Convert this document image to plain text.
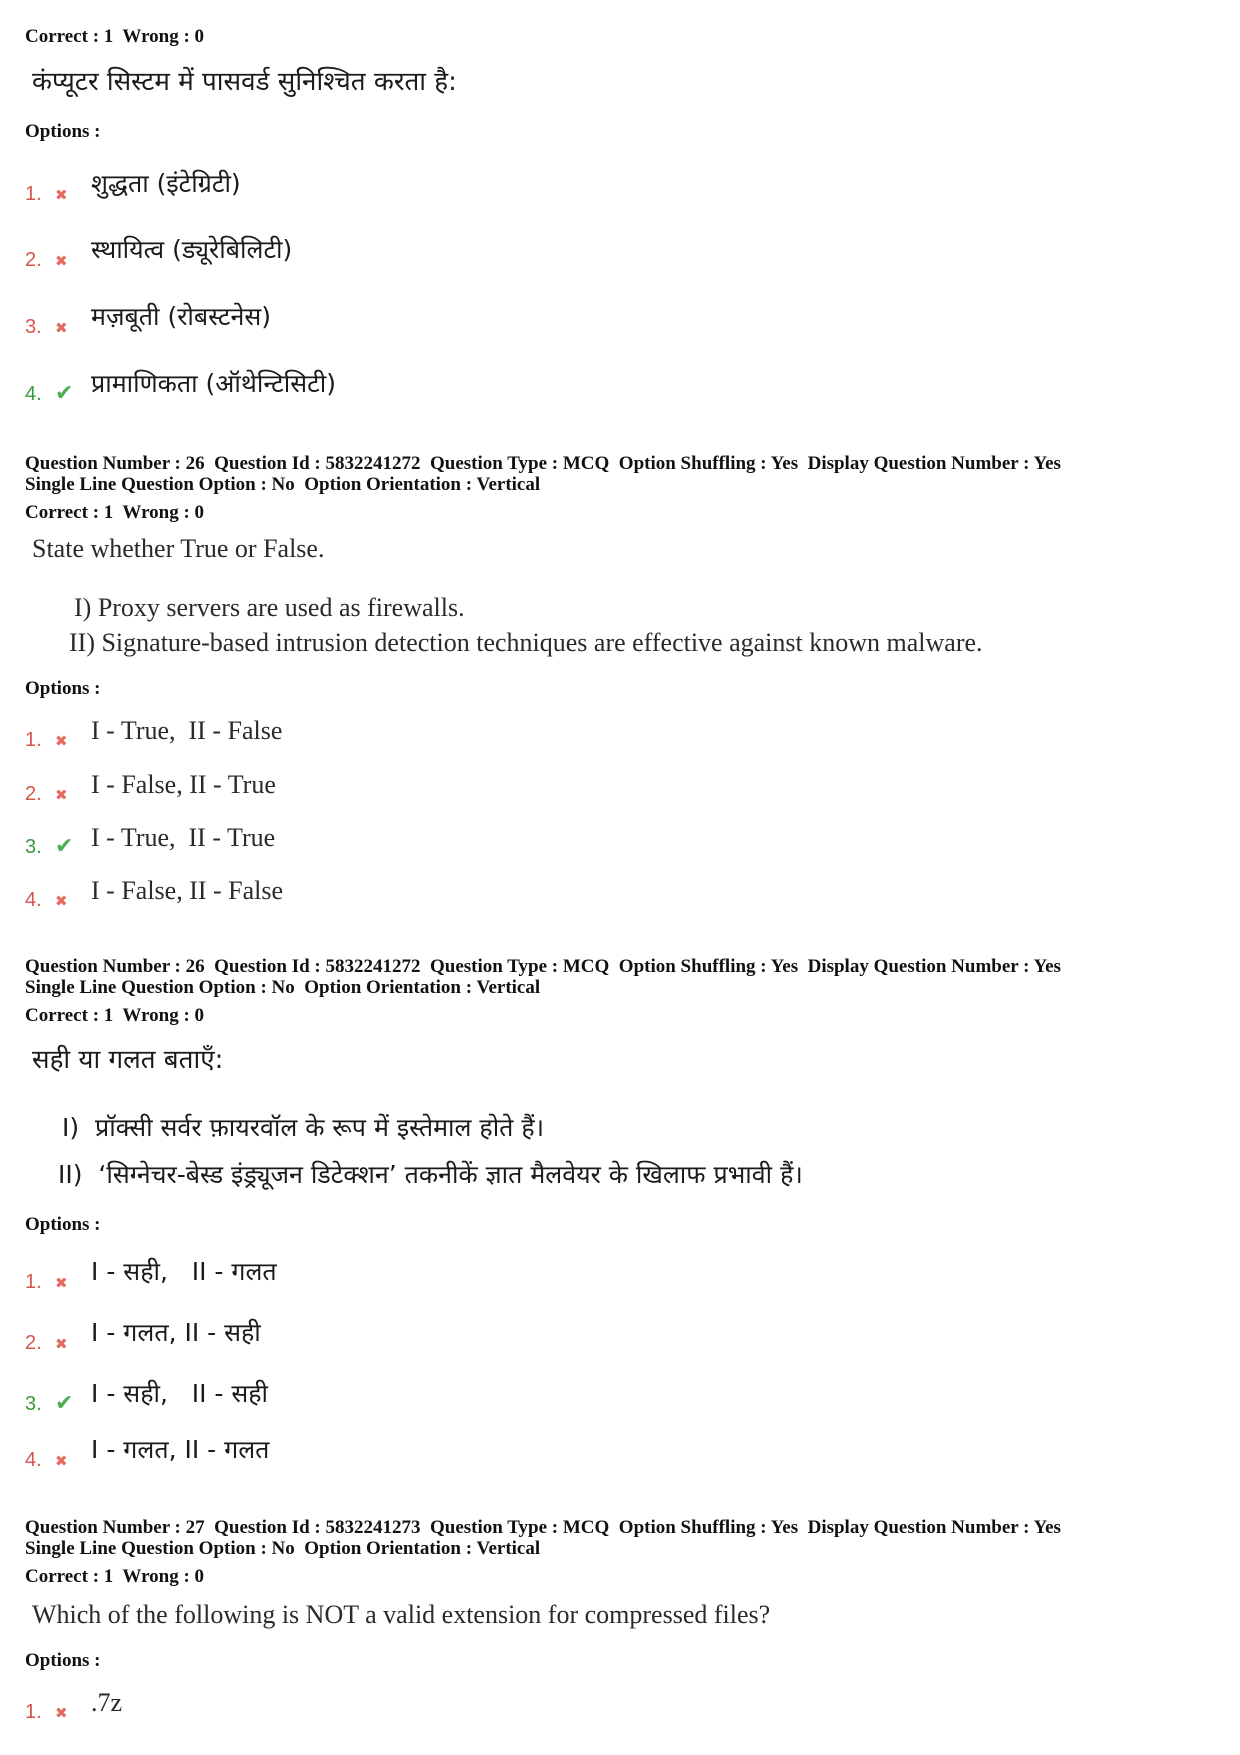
Correct : 1  Wrong : 0
कंप्यूटर सिस्टम में पासवर्ड सुनिश्चित करता है:
Options :
1. ✖ शुद्धता (इंटेग्रिटी)
2. ✖ स्थायित्व (ड्यूरेबिलिटी)
3. ✖ मज़बूती (रोबस्टनेस)
4. ✔ प्रामाणिकता (ऑथेन्टिसिटी)
Question Number : 26  Question Id : 5832241272  Question Type : MCQ  Option Shuffling : Yes  Display Question Number : Yes
Single Line Question Option : No  Option Orientation : Vertical
Correct : 1  Wrong : 0
State whether True or False.
I) Proxy servers are used as firewalls.
II) Signature-based intrusion detection techniques are effective against known malware.
Options :
1. ✖ I - True,  II - False
2. ✖ I - False, II - True
3. ✔ I - True,  II - True
4. ✖ I - False, II - False
Question Number : 26  Question Id : 5832241272  Question Type : MCQ  Option Shuffling : Yes  Display Question Number : Yes
Single Line Question Option : No  Option Orientation : Vertical
Correct : 1  Wrong : 0
सही या गलत बताएँ:
I)  प्रॉक्सी सर्वर फ़ायरवॉल के रूप में इस्तेमाल होते हैं।
II)  ‘सिग्नेचर-बेस्ड इंड्र्यूजन डिटेक्शन’ तकनीकें ज्ञात मैलवेयर के खिलाफ प्रभावी हैं।
Options :
1. ✖ I - सही,   II - गलत
2. ✖ I - गलत, II - सही
3. ✔ I - सही,   II - सही
4. ✖ I - गलत, II - गलत
Question Number : 27  Question Id : 5832241273  Question Type : MCQ  Option Shuffling : Yes  Display Question Number : Yes
Single Line Question Option : No  Option Orientation : Vertical
Correct : 1  Wrong : 0
Which of the following is NOT a valid extension for compressed files?
Options :
1. ✖ .7z
